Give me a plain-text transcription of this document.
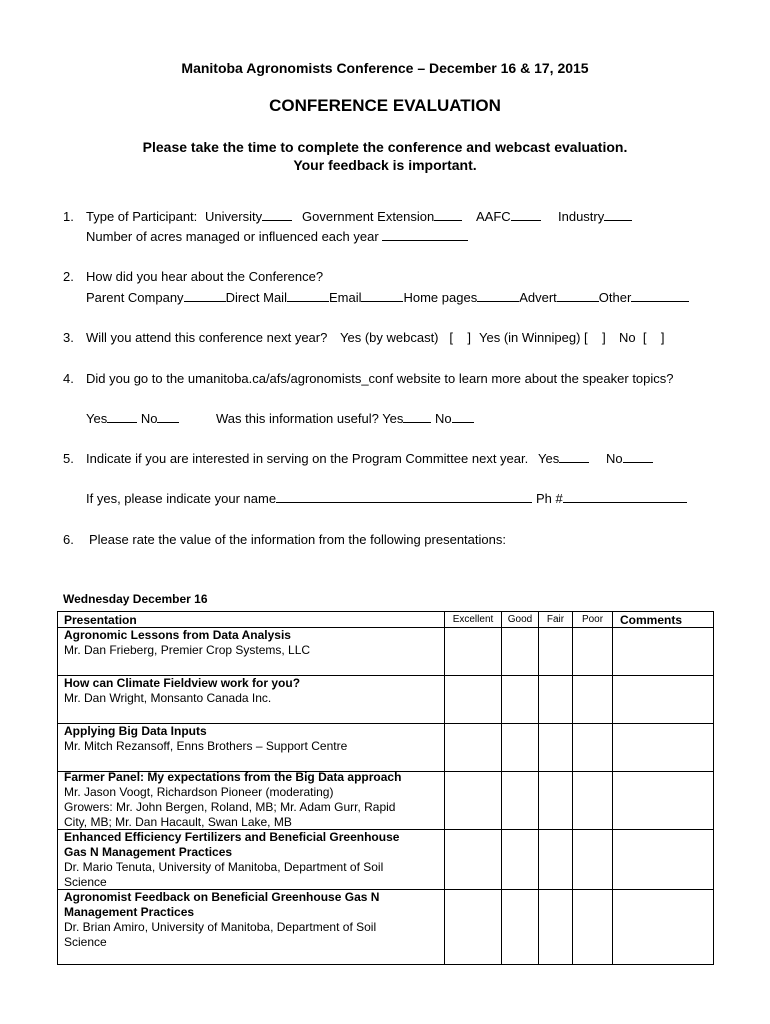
Manitoba Agronomists Conference – December 16 & 17, 2015
CONFERENCE EVALUATION
Please take the time to complete the conference and webcast evaluation.
Your feedback is important.
1. Type of Participant: University	Government Extension	AAFC	Industry
Number of acres managed or influenced each year
2. How did you hear about the Conference?
Parent Company	Direct Mail	Email	Home pages	Advert	Other
3. Will you attend this conference next year? Yes (by webcast)   [    ] Yes (in Winnipeg) [    ] No  [    ]
4. Did you go to the umanitoba.ca/afs/agronomists_conf website to learn more about the speaker topics?
Yes	No	Was this information useful? Yes No
5. Indicate if you are interested in serving on the Program Committee next year. Yes	No
If yes, please indicate your name	Ph #
6. Please rate the value of the information from the following presentations:
Wednesday December 16
Presentation	Excellent	Good	Fair	Poor	Comments
Agronomic Lessons from Data Analysis
Mr. Dan Frieberg, Premier Crop Systems, LLC
How can Climate Fieldview work for you?
Mr. Dan Wright, Monsanto Canada Inc.
Applying Big Data Inputs
Mr. Mitch Rezansoff, Enns Brothers – Support Centre
Farmer Panel: My expectations from the Big Data approach
Mr. Jason Voogt, Richardson Pioneer (moderating)
Growers: Mr. John Bergen, Roland, MB; Mr. Adam Gurr, Rapid
City, MB; Mr. Dan Hacault, Swan Lake, MB
Enhanced Efficiency Fertilizers and Beneficial Greenhouse
Gas N Management Practices
Dr. Mario Tenuta, University of Manitoba, Department of Soil
Science
Agronomist Feedback on Beneficial Greenhouse Gas N
Management Practices
Dr. Brian Amiro, University of Manitoba, Department of Soil
Science
